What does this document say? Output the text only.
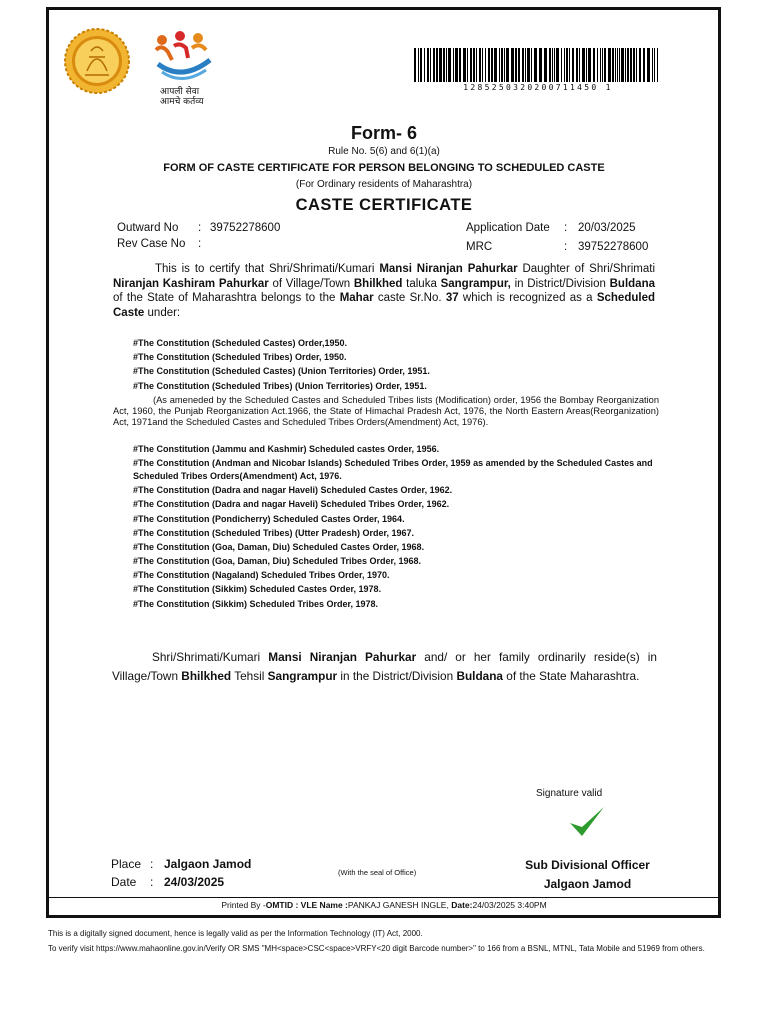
आपली सेवा
आमचे कर्तव्य
1285250320200711450 1
Form- 6
Rule No. 5(6) and 6(1)(a)
FORM OF CASTE CERTIFICATE FOR PERSON BELONGING TO SCHEDULED CASTE
(For Ordinary residents of Maharashtra)
CASTE CERTIFICATE
Outward No : 39752278600
Rev Case No :
Application Date : 20/03/2025
MRC	: 39752278600
This is to certify that Shri/Shrimati/Kumari Mansi Niranjan Pahurkar Daughter of Shri/Shrimati Niranjan Kashiram Pahurkar of Village/Town Bhilkhed taluka Sangrampur, in District/Division Buldana of the State of Maharashtra belongs to the Mahar caste Sr.No. 37 which is recognized as a Scheduled Caste under:
#The Constitution (Scheduled Castes) Order,1950.
#The Constitution (Scheduled Tribes) Order, 1950.
#The Constitution (Scheduled Castes) (Union Territories) Order, 1951.
#The Constitution (Scheduled Tribes) (Union Territories) Order, 1951.
(As ameneded by the Scheduled Castes and Scheduled Tribes lists (Modification) order, 1956 the Bombay Reorganization Act, 1960, the Punjab Reorganization Act.1966, the State of Himachal Pradesh Act, 1976, the North Eastern Areas(Reorganization) Act, 1971and the Scheduled Castes and Scheduled Tribes Orders(Amendment) Act, 1976).
#The Constitution (Jammu and Kashmir) Scheduled castes Order, 1956.
#The Constitution (Andman and Nicobar Islands) Scheduled Tribes Order, 1959 as amended by the Scheduled Castes and Scheduled Tribes Orders(Amendment) Act, 1976.
#The Constitution (Dadra and nagar Haveli) Scheduled Castes Order, 1962.
#The Constitution (Dadra and nagar Haveli) Scheduled Tribes Order, 1962.
#The Constitution (Pondicherry) Scheduled Castes Order, 1964.
#The Constitution (Scheduled Tribes) (Utter Pradesh) Order, 1967.
#The Constitution (Goa, Daman, Diu) Scheduled Castes Order, 1968.
#The Constitution (Goa, Daman, Diu) Scheduled Tribes Order, 1968.
#The Constitution (Nagaland) Scheduled Tribes Order, 1970.
#The Constitution (Sikkim) Scheduled Castes Order, 1978.
#The Constitution (Sikkim) Scheduled Tribes Order, 1978.
Shri/Shrimati/Kumari Mansi Niranjan Pahurkar and/ or her family ordinarily reside(s) in Village/Town Bhilkhed Tehsil Sangrampur in the District/Division Buldana of the State Maharashtra.
Signature valid
Place : Jalgaon Jamod
Date : 24/03/2025
(With the seal of Office)
Sub Divisional Officer
Jalgaon Jamod
Printed By -OMTID : VLE Name :PANKAJ GANESH INGLE, Date:24/03/2025 3:40PM
This is a digitally signed document, hence is legally valid as per the Information Technology (IT) Act, 2000.
To verify visit https://www.mahaonline.gov.in/Verify OR SMS "MH<space>CSC<space>VRFY<20 digit Barcode number>" to 166 from a BSNL, MTNL, Tata Mobile and 51969 from others.
